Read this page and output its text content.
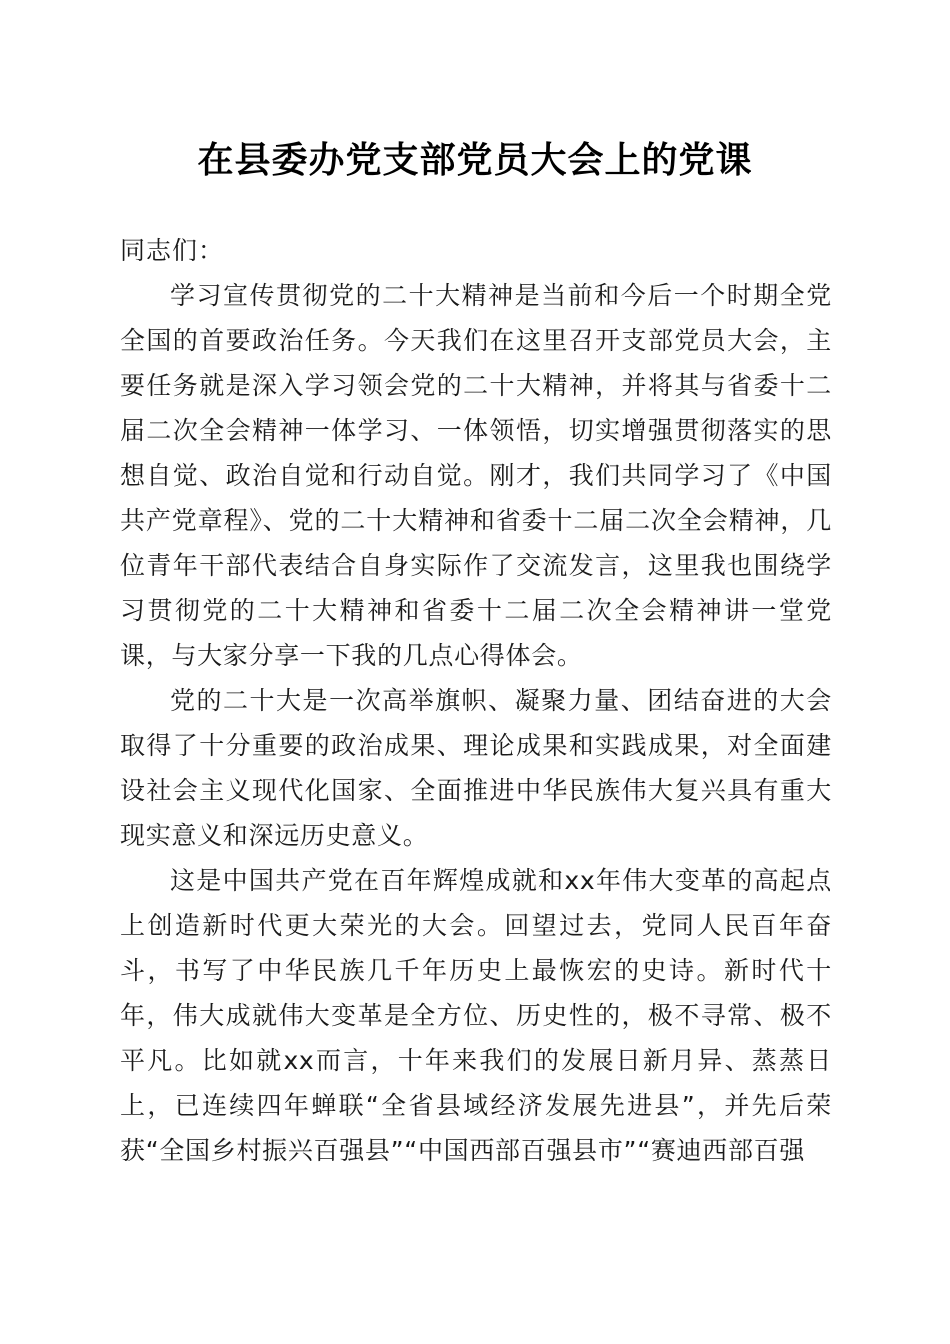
在县委办党支部党员大会上的党课

同志们：

学习宣传贯彻党的二十大精神是当前和今后一个时期全党全国的首要政治任务。今天我们在这里召开支部党员大会，主要任务就是深入学习领会党的二十大精神，并将其与省委十二届二次全会精神一体学习、一体领悟，切实增强贯彻落实的思想自觉、政治自觉和行动自觉。刚才，我们共同学习了《中国共产党章程》、党的二十大精神和省委十二届二次全会精神，几位青年干部代表结合自身实际作了交流发言，这里我也围绕学习贯彻党的二十大精神和省委十二届二次全会精神讲一堂党课，与大家分享一下我的几点心得体会。

党的二十大是一次高举旗帜、凝聚力量、团结奋进的大会取得了十分重要的政治成果、理论成果和实践成果，对全面建设社会主义现代化国家、全面推进中华民族伟大复兴具有重大现实意义和深远历史意义。

这是中国共产党在百年辉煌成就和xx年伟大变革的高起点上创造新时代更大荣光的大会。回望过去，党同人民百年奋斗，书写了中华民族几千年历史上最恢宏的史诗。新时代十年，伟大成就伟大变革是全方位、历史性的，极不寻常、极不平凡。比如就xx而言，十年来我们的发展日新月异、蒸蒸日上，已连续四年蝉联“全省县域经济发展先进县”，并先后荣获“全国乡村振兴百强县”“中国西部百强县市”“赛迪西部百强
